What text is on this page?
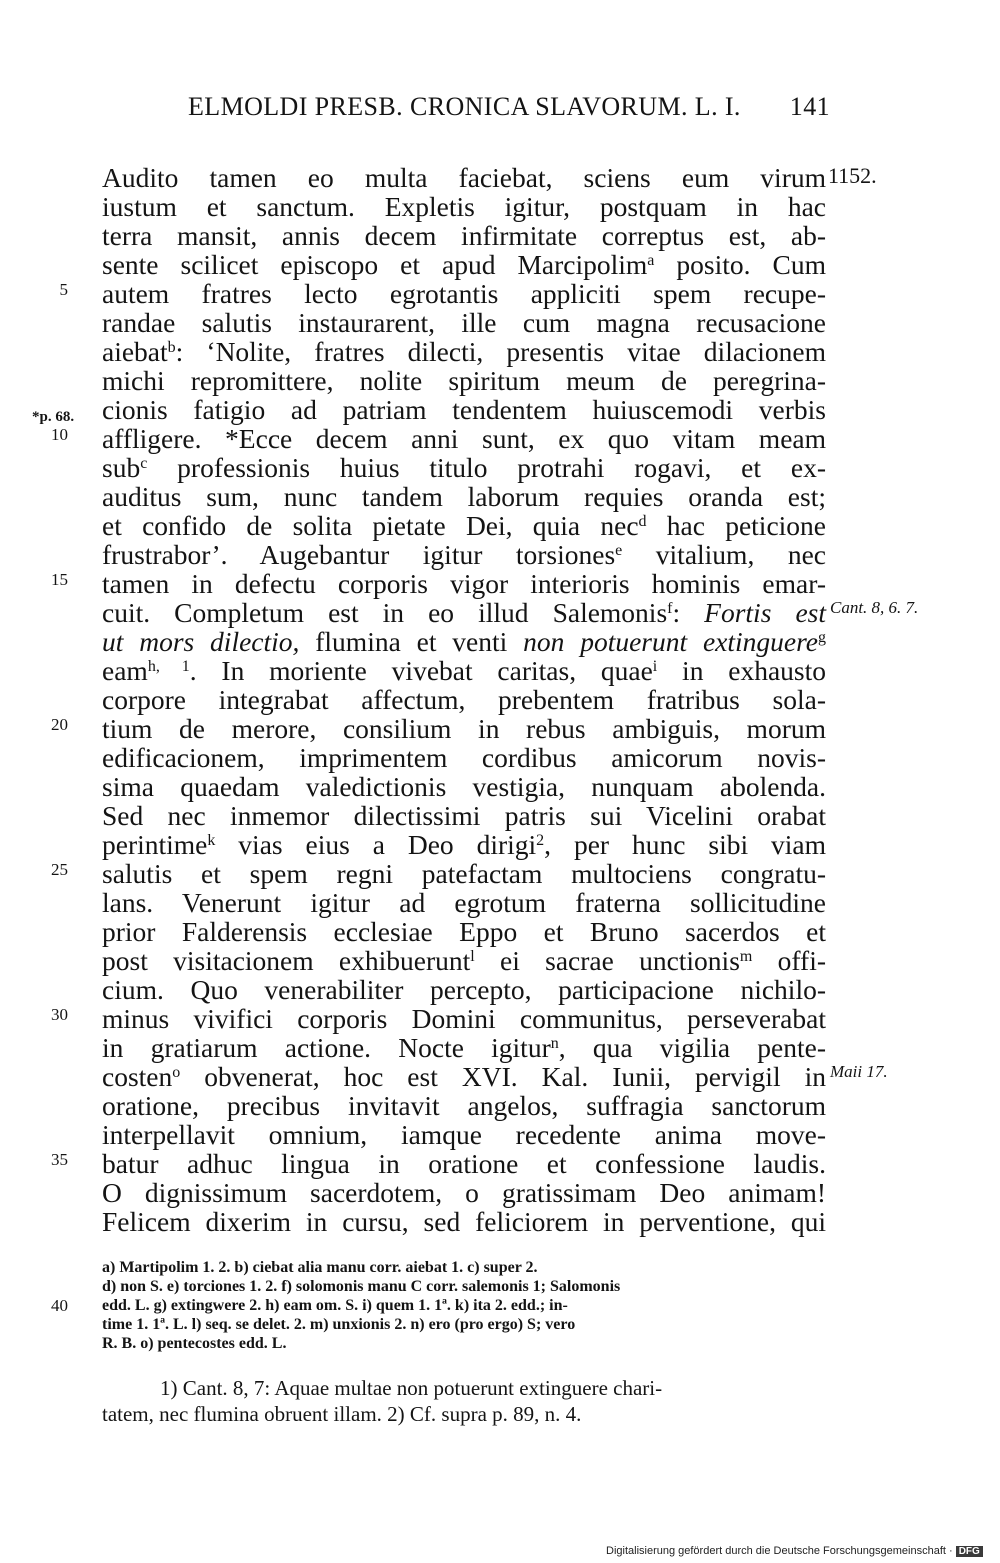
ELMOLDI PRESB. CRONICA SLAVORUM. L. I. 141
Audito tamen eo multa faciebat, sciens eum virum
iustum et sanctum. Expletis igitur, postquam in hac
terra mansit, annis decem infirmitate correptus est, ab-
sente scilicet episcopo et apud Marcipolim$^a$ posito. Cum
autem fratres lecto egrotantis appliciti spem recupe-
randae salutis instaurarent, ille cum magna recusacione
aiebat$^b$: ‘Nolite, fratres dilecti, presentis vitae dilacionem
michi repromittere, nolite spiritum meum de peregrina-
cionis fatigio ad patriam tendentem huiuscemodi verbis
affligere. *Ecce decem anni sunt, ex quo vitam meam
sub$^c$ professionis huius titulo protrahi rogavi, et ex-
auditus sum, nunc tandem laborum requies oranda est;
et confido de solita pietate Dei, quia nec$^d$ hac peticione
frustrabor’. Augebantur igitur torsiones$^e$ vitalium, nec
tamen in defectu corporis vigor interioris hominis emar-
cuit. Completum est in eo illud Salemonis$^f$: Fortis est
ut mors dilectio, flumina et venti non potuerunt extinguere$^g$
eam$^{h, 1}$. In moriente vivebat caritas, quae$^i$ in exhausto
corpore integrabat affectum, prebentem fratribus sola-
tium de merore, consilium in rebus ambiguis, morum
edificacionem, imprimentem cordibus amicorum novis-
sima quaedam valedictionis vestigia, nunquam abolenda.
Sed nec inmemor dilectissimi patris sui Vicelini orabat
perintime$^k$ vias eius a Deo dirigi$^2$, per hunc sibi viam
salutis et spem regni patefactam multociens congratu-
lans. Venerunt igitur ad egrotum fraterna sollicitudine
prior Falderensis ecclesiae Eppo et Bruno sacerdos et
post visitacionem exhibuerunt$^l$ ei sacrae unctionis$^m$ offi-
cium. Quo venerabiliter percepto, participacione nichilo-
minus vivifici corporis Domini communitus, perseverabat
in gratiarum actione. Nocte igitur$^n$, qua vigilia pente-
costen$^o$ obvenerat, hoc est XVI. Kal. Iunii, pervigil in
oratione, precibus invitavit angelos, suffragia sanctorum
interpellavit omnium, iamque recedente anima move-
batur adhuc lingua in oratione et confessione laudis.
O dignissimum sacerdotem, o gratissimam Deo animam!
Felicem dixerim in cursu, sed feliciorem in perventione, qui
5
10
15
20
25
30
35
1152.
*p. 68.
Cant. 8, 6. 7.
Maii 17.
40
a) Martipolim 1. 2. b) ciebat alia manu corr. aiebat 1. c) super 2.
d) non S. e) torciones 1. 2. f) solomonis manu C corr. salemonis 1; Salomonis
edd. L. g) extingwere 2. h) eam om. S. i) quem 1. 1ª. k) ita 2. edd.; in-
time 1. 1ª. L. l) seq. se delet. 2. m) unxionis 2. n) ero (pro ergo) S; vero
R. B. o) pentecostes edd. L.
1) Cant. 8, 7: Aquae multae non potuerunt extinguere chari-
tatem, nec flumina obruent illam. 2) Cf. supra p. 89, n. 4.
Digitalisierung gefördert durch die Deutsche Forschungsgemeinschaft · DFG
